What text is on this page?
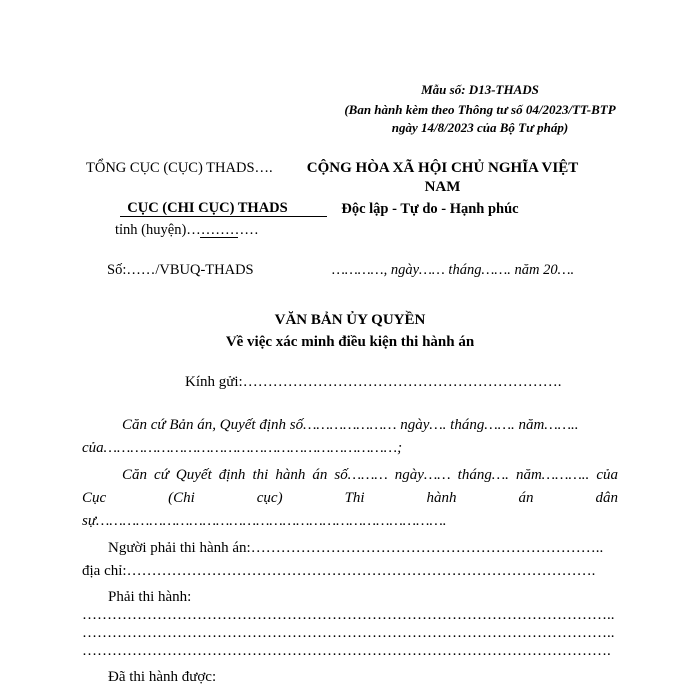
Mẫu số: D13-THADS
(Ban hành kèm theo Thông tư số 04/2023/TT-BTP
ngày 14/8/2023 của Bộ Tư pháp)
TỔNG CỤC (CỤC) THADS….
CỤC (CHI CỤC) THADS
tỉnh (huyện)……………
CỘNG HÒA XÃ HỘI CHỦ NGHĨA VIỆT
NAM
Độc lập - Tự do - Hạnh phúc
Số:……/VBUQ-THADS	…………, ngày…… tháng……. năm 20….
VĂN BẢN ỦY QUYỀN
Về việc xác minh điều kiện thi hành án
Kính gửi:……………………………………………………….
Căn cứ Bản án, Quyết định số………………… ngày…. tháng……. năm……..
của…………………………………………………………;
Căn cứ Quyết định thi hành án số……… ngày…… tháng…. năm……….. của
Cục (Chi cục) Thi hành án dân
sự…………………………………………………………………….
Người phải thi hành án:……………………………………………………………..
địa chỉ:………………………………………………………………………………….
Phải thi hành:
……………………………………………………………………………………………..
……………………………………………………………………………………………..
…………………………………………………………………………………………….
Đã thi hành được:
